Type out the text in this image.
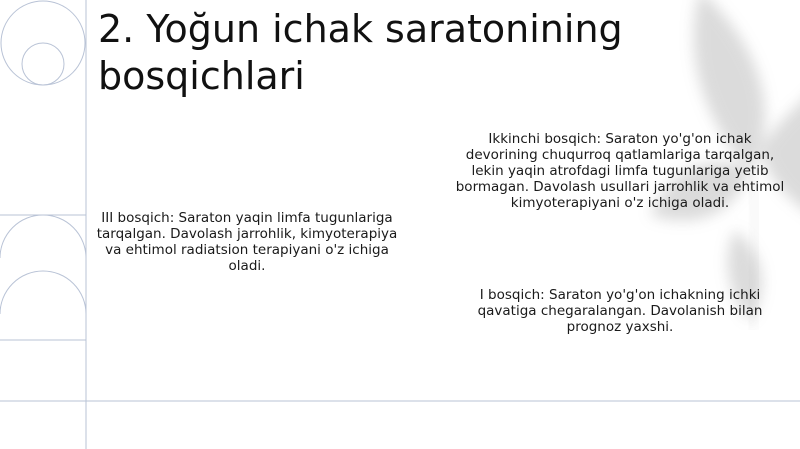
2. Yoğun ichak saratonining bosqichlari

Ikkinchi bosqich: Saraton yo'g'on ichak devorining chuqurroq qatlamlariga tarqalgan, lekin yaqin atrofdagi limfa tugunlariga yetib bormagan. Davolash usullari jarrohlik va ehtimol kimyoterapiyani o'z ichiga oladi.

III bosqich: Saraton yaqin limfa tugunlariga tarqalgan. Davolash jarrohlik, kimyoterapiya va ehtimol radiatsion terapiyani o'z ichiga oladi.

I bosqich: Saraton yo'g'on ichakning ichki qavatiga chegaralangan. Davolanish bilan prognoz yaxshi.
